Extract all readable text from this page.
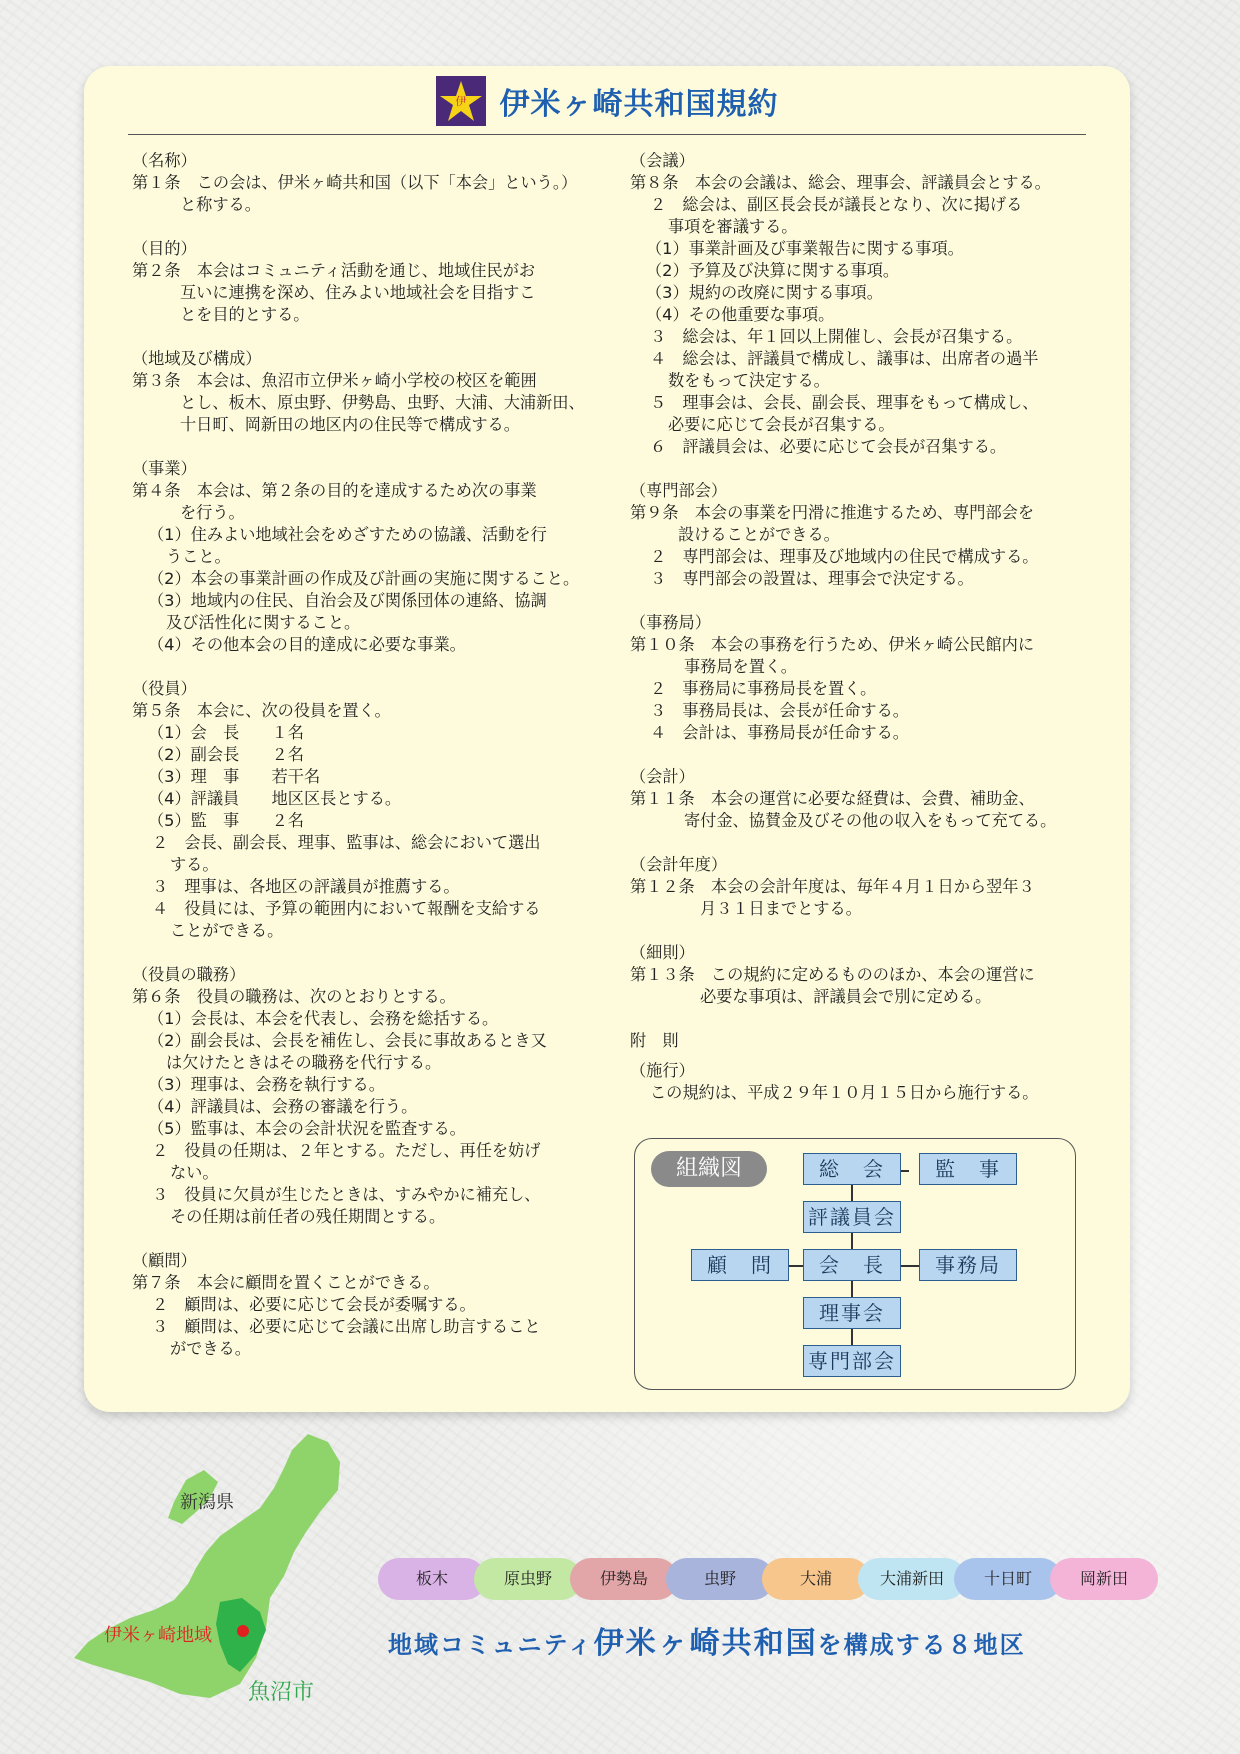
伊 伊米ヶ崎共和国規約

（名称）

第１条　この会は、伊米ヶ崎共和国（以下「本会」という。）

と称する。

（目的）

第２条　本会はコミュニティ活動を通じ、地域住民がお

互いに連携を深め、住みよい地域社会を目指すこ

とを目的とする。

（地域及び構成）

第３条　本会は、魚沼市立伊米ヶ崎小学校の校区を範囲

とし、板木、原虫野、伊勢島、虫野、大浦、大浦新田、

十日町、岡新田の地区内の住民等で構成する。

（事業）

第４条　本会は、第２条の目的を達成するため次の事業

を行う。

（1）住みよい地域社会をめざすための協議、活動を行

うこと。

（2）本会の事業計画の作成及び計画の実施に関すること。

（3）地域内の住民、自治会及び関係団体の連絡、協調

及び活性化に関すること。

（4）その他本会の目的達成に必要な事業。

（役員）

第５条　本会に、次の役員を置く。

（1）会　長　　１名

（2）副会長　　２名

（3）理　事　　若干名

（4）評議員　　地区区長とする。

（5）監　事　　２名

２　会長、副会長、理事、監事は、総会において選出

する。

３　理事は、各地区の評議員が推薦する。

４　役員には、予算の範囲内において報酬を支給する

ことができる。

（役員の職務）

第６条　役員の職務は、次のとおりとする。

（1）会長は、本会を代表し、会務を総括する。

（2）副会長は、会長を補佐し、会長に事故あるとき又

は欠けたときはその職務を代行する。

（3）理事は、会務を執行する。

（4）評議員は、会務の審議を行う。

（5）監事は、本会の会計状況を監査する。

２　役員の任期は、２年とする。ただし、再任を妨げ

ない。

３　役員に欠員が生じたときは、すみやかに補充し、

その任期は前任者の残任期間とする。

（顧問）

第７条　本会に顧問を置くことができる。

２　顧問は、必要に応じて会長が委嘱する。

３　顧問は、必要に応じて会議に出席し助言すること

ができる。

（会議）

第８条　本会の会議は、総会、理事会、評議員会とする。

２　総会は、副区長会長が議長となり、次に掲げる

事項を審議する。

（1）事業計画及び事業報告に関する事項。

（2）予算及び決算に関する事項。

（3）規約の改廃に関する事項。

（4）その他重要な事項。

３　総会は、年１回以上開催し、会長が召集する。

４　総会は、評議員で構成し、議事は、出席者の過半

数をもって決定する。

５　理事会は、会長、副会長、理事をもって構成し、

必要に応じて会長が召集する。

６　評議員会は、必要に応じて会長が召集する。

（専門部会）

第９条　本会の事業を円滑に推進するため、専門部会を

設けることができる。

２　専門部会は、理事及び地域内の住民で構成する。

３　専門部会の設置は、理事会で決定する。

（事務局）

第１０条　本会の事務を行うため、伊米ヶ崎公民館内に

事務局を置く。

２　事務局に事務局長を置く。

３　事務局長は、会長が任命する。

４　会計は、事務局長が任命する。

（会計）

第１１条　本会の運営に必要な経費は、会費、補助金、

寄付金、協賛金及びその他の収入をもって充てる。

（会計年度）

第１２条　本会の会計年度は、毎年４月１日から翌年３

月３１日までとする。

（細則）

第１３条　この規約に定めるもののほか、本会の運営に

必要な事項は、評議員会で別に定める。

附　則

（施行）

この規約は、平成２９年１０月１５日から施行する。

組織図	総　会	監　事
評議員会
顧　問	会　長	事務局
理事会
専門部会
新潟県
伊米ヶ崎地域
魚沼市
板木	原虫野	伊勢島	虫野	大浦	大浦新田	十日町	岡新田
地域コミュニティ伊米ヶ崎共和国を構成する８地区
